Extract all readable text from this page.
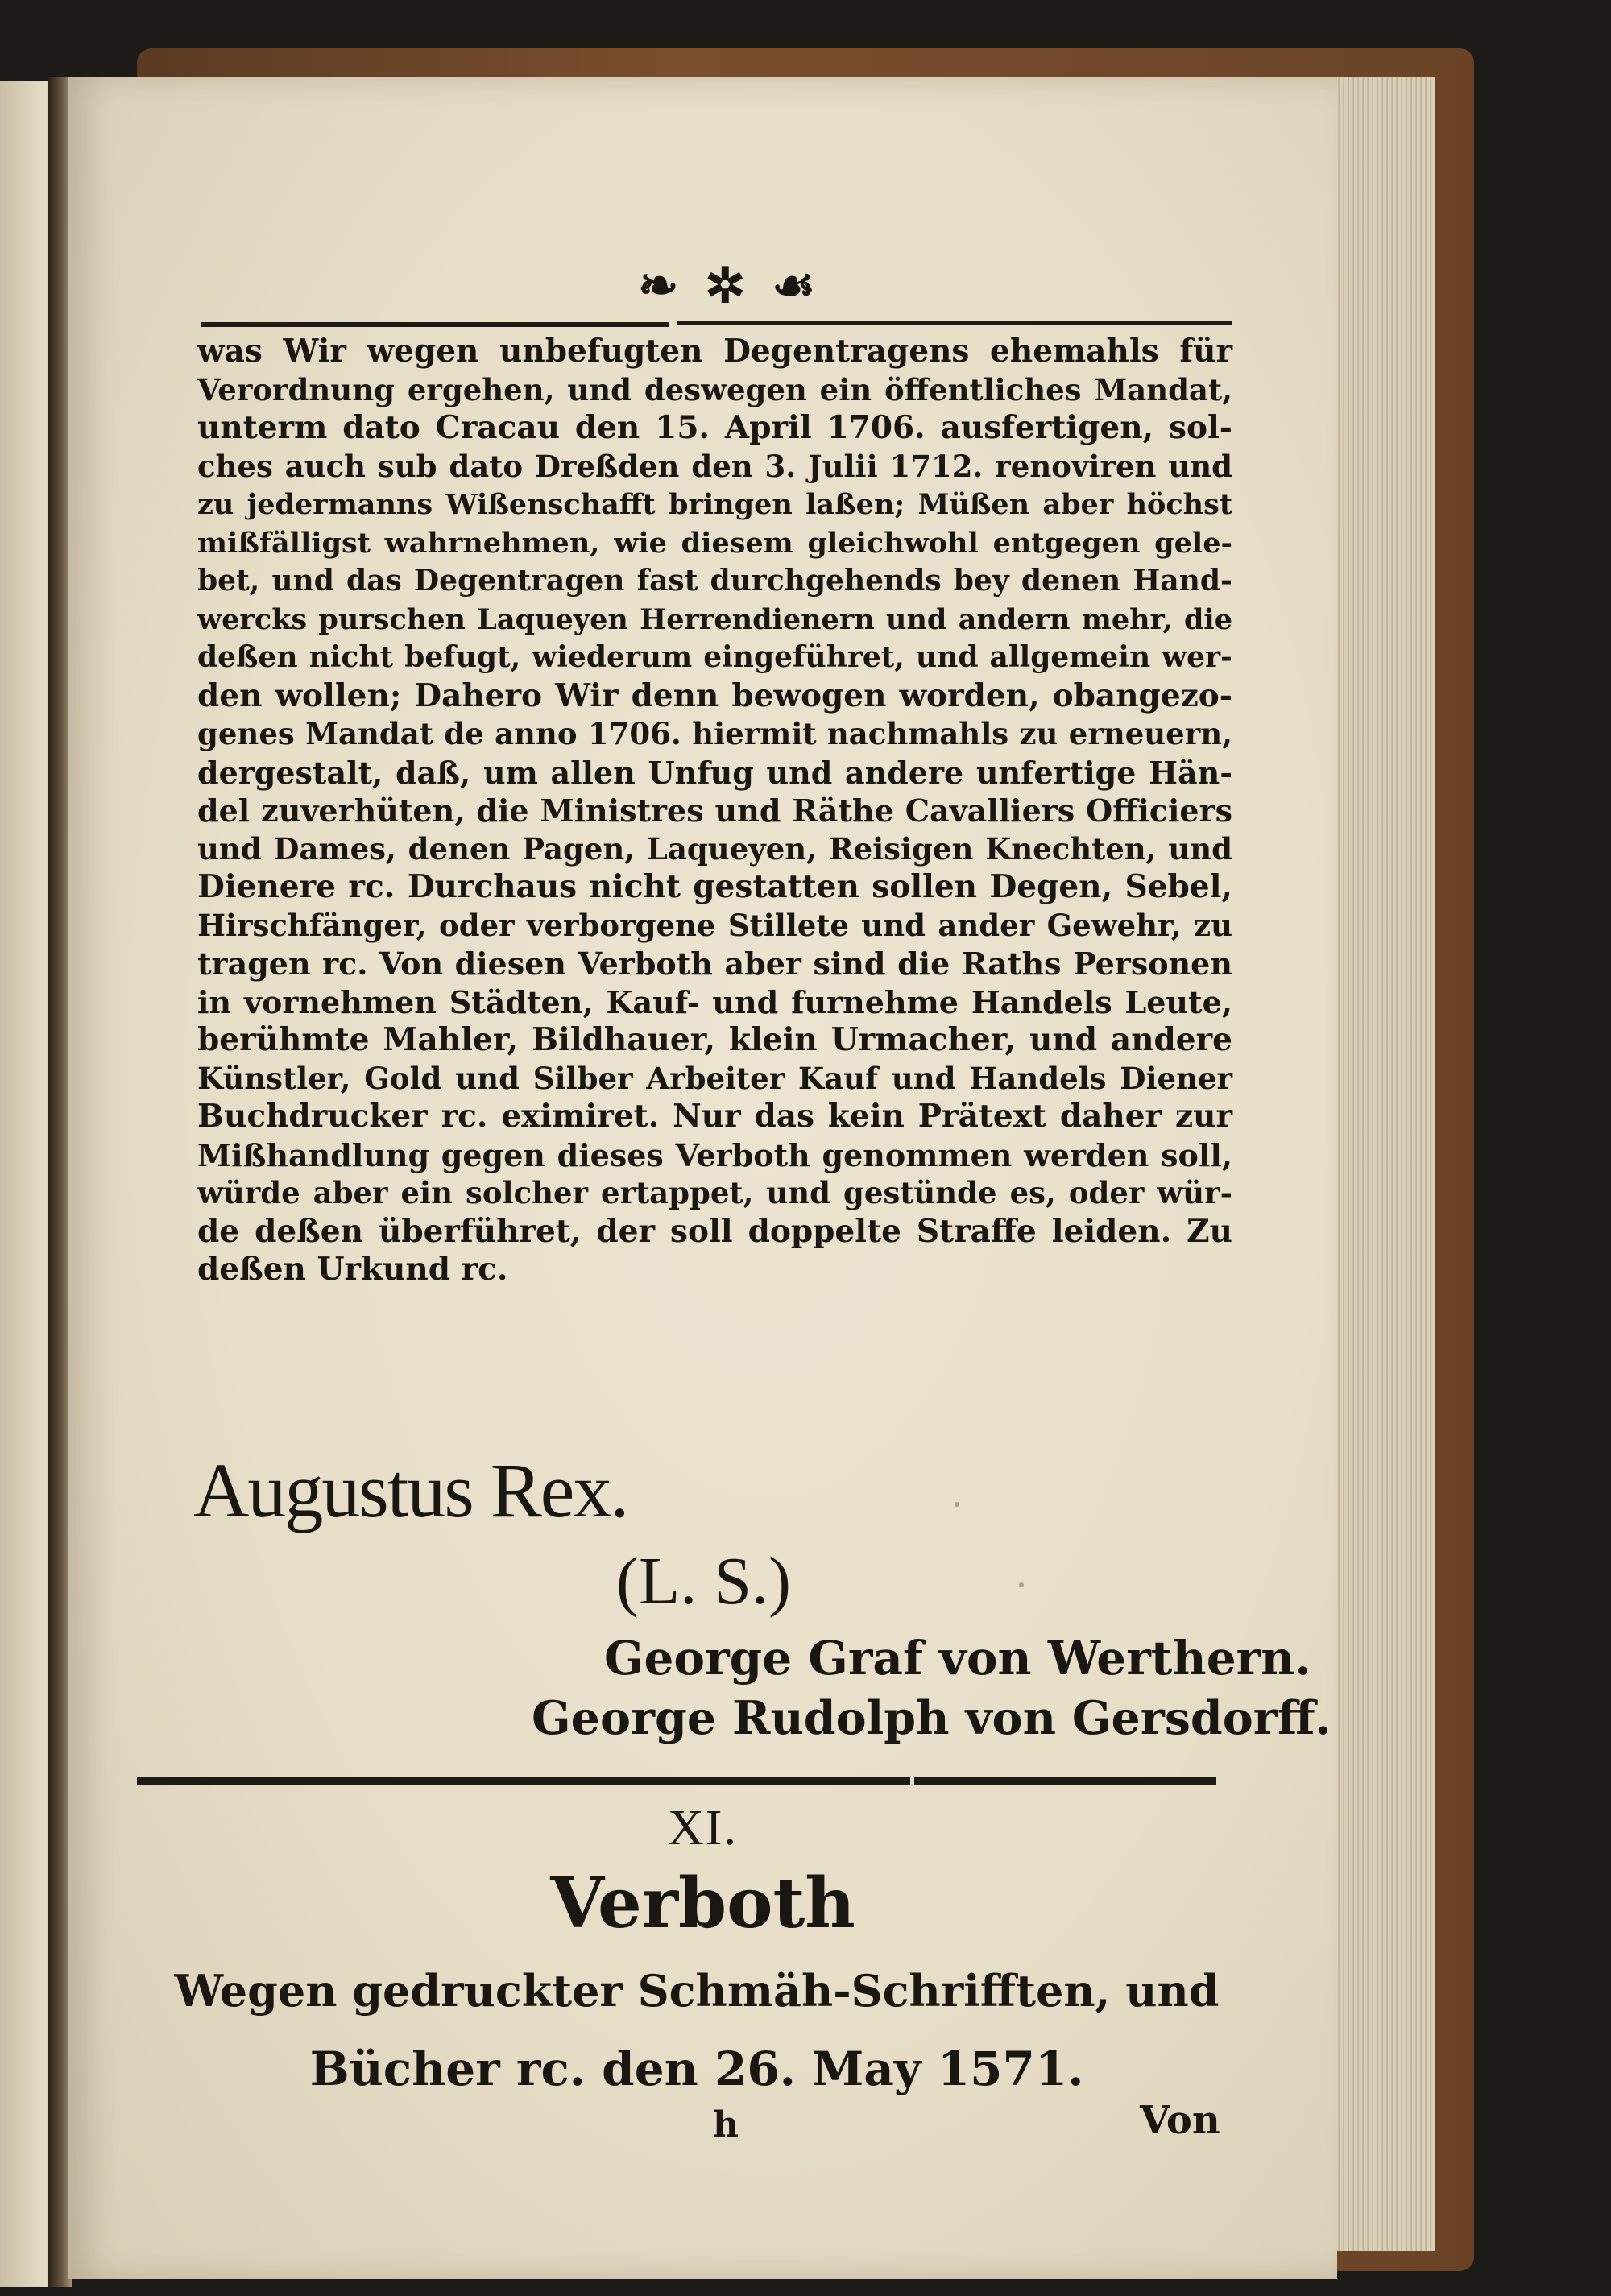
❧ ✲ ☙
was Wir wegen unbefugten Degentragens ehemahls für
Verordnung ergehen, und deswegen ein öffentliches Mandat,
unterm dato Cracau den 15. April 1706. ausfertigen, sol-
ches auch sub dato Dreßden den 3. Julii 1712. renoviren und
zu jedermanns Wißenschafft bringen laßen; Müßen aber höchst
mißfälligst wahrnehmen, wie diesem gleichwohl entgegen gele-
bet, und das Degentragen fast durchgehends bey denen Hand-
wercks purschen Laqueyen Herrendienern und andern mehr, die
deßen nicht befugt, wiederum eingeführet, und allgemein wer-
den wollen; Dahero Wir denn bewogen worden, obangezo-
genes Mandat de anno 1706. hiermit nachmahls zu erneuern,
dergestalt, daß, um allen Unfug und andere unfertige Hän-
del zuverhüten, die Ministres und Räthe Cavalliers Officiers
und Dames, denen Pagen, Laqueyen, Reisigen Knechten, und
Dienere rc. Durchaus nicht gestatten sollen Degen, Sebel,
Hirschfänger, oder verborgene Stillete und ander Gewehr, zu
tragen rc. Von diesen Verboth aber sind die Raths Personen
in vornehmen Städten, Kauf- und furnehme Handels Leute,
berühmte Mahler, Bildhauer, klein Urmacher, und andere
Künstler, Gold und Silber Arbeiter Kauf und Handels Diener
Buchdrucker rc. eximiret. Nur das kein Prätext daher zur
Mißhandlung gegen dieses Verboth genommen werden soll,
würde aber ein solcher ertappet, und gestünde es, oder wür-
de deßen überführet, der soll doppelte Straffe leiden. Zu
deßen Urkund rc.
Augustus Rex.
(L. S.)
George Graf von Werthern.
George Rudolph von Gersdorff.
XI.
Verboth
Wegen gedruckter Schmäh-Schrifften, und
Bücher rc. den 26. May 1571.
h	Von
